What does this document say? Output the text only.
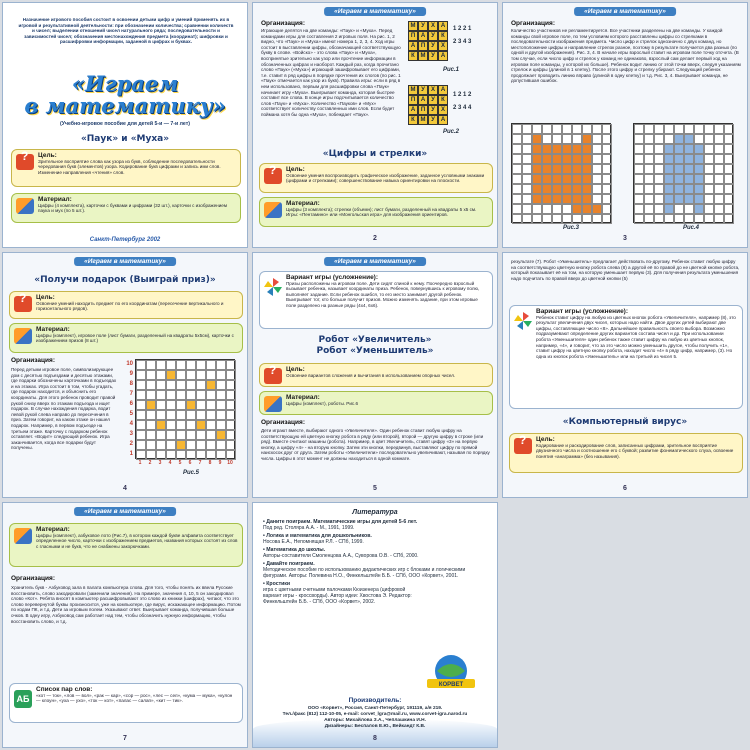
Назначение игрового пособия состоит в освоении детьми цифр и умений применять их в игровой и результативной деятельности: при обозначении количества; сравнении количеств и чисел; выделении отношений чисел натурального ряда; последовательности и зависимостей чисел; обозначения местонахождения предмета (координат); шифровки и расшифровки информации, заданной в цифрах и буквах.
«Играем
в математику»
(Учебно-игровое пособие для детей 5-и — 7-и лет)
«Паук» и «Муха»
?
Цель:
Зрительное восприятие слова как узора из букв, соблюдение последовательности чередования букв (элементов) узора. Кодирование букв цифрами и запись ими слов. Изменение направления «чтения» слов.
Материал:
Цифры (4 комплекта), карточки с буквами и цифрами (32 шт.), карточки с изображением паука и мух (по 5 шт.).
Санкт-Петербург 2002
«Играем в математику»
Организация:
Играющие делятся на две команды: «Паук» и «Муха». Перед командами игры для составления 2 игровых поля. На рис. 1, 2 видно, что «Паук» и «Муха» имеют номера 1, 2, 3, 4. Ход игры состоит в выставлении цифры, обозначающей соответствующую букву в слове. «Войско» - это слова «Паук» и «Муха», воспринятые зрительно как узор или прочтение информации в обозначенных цифрах и наоборот. Каждый раз, когда прочитано слово «Паук» («Муха») играющий зашифровывает его цифрами, т.е. ставит в ряд цифры в порядке прочтения их слогов (по рис. 1 «Паук» отмечается как узор из букв). Правила игры: если в ряд в нем использовано, первым для расшифровки слова «Паук» начинает игру «Муха». Выигрывает команда, которая быстрее составит все слова. В конце игры подсчитывается количество слов «Паук» и «Муха». Количество «Пауков» и «Мух» соответствует количеству составленных ими слов. Если будет поймана хотя бы одна «Муха», побеждает «Паук».
М У	Х А
П А У	К
А П У	Х
К М У А
1 2 2 1
2 3 4 3
Рис.1
М У	Х А
П А У	К
А П У	Х
К М У А
1 2 1 2
2 3 4 4
Рис.2
«Цифры и стрелки»
?
Цель:
Освоение умения воспроизводить графическое изображение, заданное условными знаками (цифрами и стрелками); совершенствование навыка ориентировки на плоскости.
Материал:
Цифры (3 комплекта); стрелки (объемн); лист бумаги, разделенный на квадраты 5 х5 см. Игры: «Пентамино» или «Монгольская игра» для изображения ориентиров.
2
«Играем в математику»
Организация:
Количество участников не регламентируется. Все участники разделены на две команды. У каждой команды свой игровое поле, по тем условиям которого расставлены цифры со стрелками в последовательности изображения предмета. Число цифр и стрелок однозначно с двух команд, но местоположение цифры и направление стрелок разное, поэтому в результате получается два разных (по одной и другой изображения). Рис. 3, 4. В начале игры взрослый ставит на игровом поле точку отсчета. (В том случае, если число цифр и стрелок у команд не одинаково, взрослый сам делает первый ход на игровом поле команды, у которой их больше). Ребенок водит линию от этой точки вверх, следуя указаниям стрелок и цифры (длиной в 1 клетку). После этого цифру и стрелку убирают. Следующий ребенок продолжает проводить линию вправо (длиной в одну клетку) и т.д. Рис. 3, 4. Выигрывает команда, не допустившая ошибок.
Рис.3	Рис.4
3
«Играем в математику»
«Получи подарок (Выиграй приз)»
?
Цель:
Освоение умений находить предмет по его координатам (пересечение вертикального и горизонтального рядов).
Материал:
Цифры (комплект), игровое поле (лист бумаги, разделенный на квадраты 5х5см), карточки с изображением призов (8 шт.)
Организация:
Перед детьми игровое поле, символизирующее дом с десятью подъездами и десятью этажами, где подарки обозначены карточками в подъездах и на этажах. Игра состоит в том, чтобы угадать, где подарок находится, и объяснить его координаты. Для этого ребенок проводит правой рукой снизу вверх по этажам подъезда и ищет подарок. В случае нахождения подарка, водит левой рукой слева направо до пересечения в приз. Затем говорит, на каком этаже он нашел подарок. Например, в первом подъезде на третьем этаже. Карточку с подарком ребенок оставляет. «Водит» следующий ребенок. Игра заканчивается, когда все подарки будут получены.
10
9
8
7
6
5
4
3
2
1
1	2	3	4	5	6	7	8	9	10
Рис.5
4
«Играем в математику»
Вариант игры (усложнение):
Призы расположены на игровом поле. Дети сидят спиной к нему. Поочередно взрослый вызывает ребенка, называет координаты приза. Ребенок, повернувшись к игровому полю, выполняет задание. Если ребенок ошибся, то его место занимает другой ребенок. Выигрывает тот, кто больше получит призов. Можно изменять задание, при этом игровые поле разделено на разные ряды (4x4, 6х6).
Робот «Увеличитель»
Робот «Уменьшитель»
?
Цель:
Освоение вариантов сложения и вычитания в использованием опорных чисел.
Материал:
Цифры (комплект), роботы. Рис.6
Организация:
Дети играют вместе, выбирают одного «Увеличителя». Один ребенок ставит любую цифру на соответствующую ей цветную кнопку робота в ряду (или второй), второй — другую цифру в строке (или ряд). Вместе считают машины (робота). Например, в цвет Увеличитель, ставят цифру «3» на первую кнопку, а цифру «4» - на вторую кнопку. Затем эти кнопки, передвинув, выставляют цифру по прямой наискосок друг от друга. Затем роботы «Увеличители» последовательно увеличивают, называя по порядку числа. Цифры в этот момент не должны находиться в одной комнате.
5
результате (7). Робот «Уменьшитель» предлагает действовать по-другому. Ребенок ставит любую цифру на соответствующую цветную кнопку робота слева (8) а другой её по правой до не цветной кнопке робота, который показывает её на том, на которую уменьшает первую (3). Для получения результата уменьшения надо подчитать по правой вверх до цветной кнопки (5)
Вариант игры (усложнение):
Ребенок ставит цифру на любую из цветных кнопок робота «Увеличителя», например (8), это результат увеличения двух чисел, которых надо найти. Двое других детей выбирают две цифры, составляющие число «8». Дальнейшее правильность своего выбора. Возможно подразумевают определение других вариантов состава чисел и др. При использовании робота «Уменьшителя» один ребенок также ставит цифру на любую из цветных кнопок, например, «4», и говорит, что за это число можно уменьшить другое, чтобы получить «1», ставит цифру на цветную кнопку робота, находит число «4» в ряду цифр, например, (3). Но одна из кнопок робота «Уменьшитель» или на третьей из чисел 5.
«Компьютерный вирус»
?
Цель:
Кодирование и раскодирование слов, записанных цифрами, зрительное восприятие двузначного числа и соотношение его с буквой; развитие фонематического слуха, освоение понятия «анаграмма» (без называния).
6
«Играем в математику»
Материал:
Цифры (комплект), азбуковое лото (Рис.7), в котором каждой букве алфавита соответствует определенное число, карточки с изображением предметов, названия которых состоят из слов с гласными и не букв, что не снабжены закорючками.
Организация:
Хранитель букв - Азбуковод зала в палата компьютера слова. Для того, чтобы понять их ввела Русские восстановить, слово закодировали (заменили значения). На примере, значения 4, 10, 5 он закодировал слово «Кот». Ребята вносят в компьютер расшифровывают это слово из книжки (шифрах), читают, что это слово перевернутой буквы произносится, уже на компьютере, где вирус, искажающее информацию. Потом по кодам ПК, и т.д. Дети за игровым полем. Указывают ответ. Выигрывает команда, получившая больше очков. В одну игру, Азбуковод сам работает над тем, чтобы обозначить нужную информацию, чтобы восстановить слово, и т.д.
АБ
Список пар слов:
«кот — ток», «лов — вол», «рак — кар», «сор — рос», «лес — сел», «кума — мука», «кулон — клоун», «уха — ухо», «ток — кот», «палас — салап», «кит — тик».
7
Литература
• Даните поиграем. Математические игры для детей 5-6 лет.
Под ред. Столяра А.А. - М., 1991, 1999.
• Логика и математика для дошкольников.
Носова Е.А., Непомнящая Р.Л. - СПб, 1999.
• Математика до школы.
Авторы-составители Смоленцова А.А., Суворова О.В. - СПб, 2000.
• Давайте поиграем.
Методическое пособие по использованию дидактических игр с блоками и логическими фигурами. Авторы: Полевина Н.О., Финкельштейн Б.Б. - СПб, ООО «Корвет», 2001.
• Кростики
игра с цветными счетными палочками Кюизенера (цифровой вариант игры - кроссворды). Автор идеи: Хвостова Э. Редактор: Финкельштейн Б.Б. - СПб, ООО «Корвет», 2002.
КОРВЕТ
Производитель:
ООО «Корвет», Россия, Санкт-Петербург, 191119, а/я 219.
Тел./факс (812) 112-10-05, e-mail: corvet_lgra@mail.ru, www.corvet-igra.narod.ru
Авторы: Михайлова З.А., Чеплашкина И.Н.
Дизайнеры: Беспалов Е.Ю., Вейкандт К.В.
8
